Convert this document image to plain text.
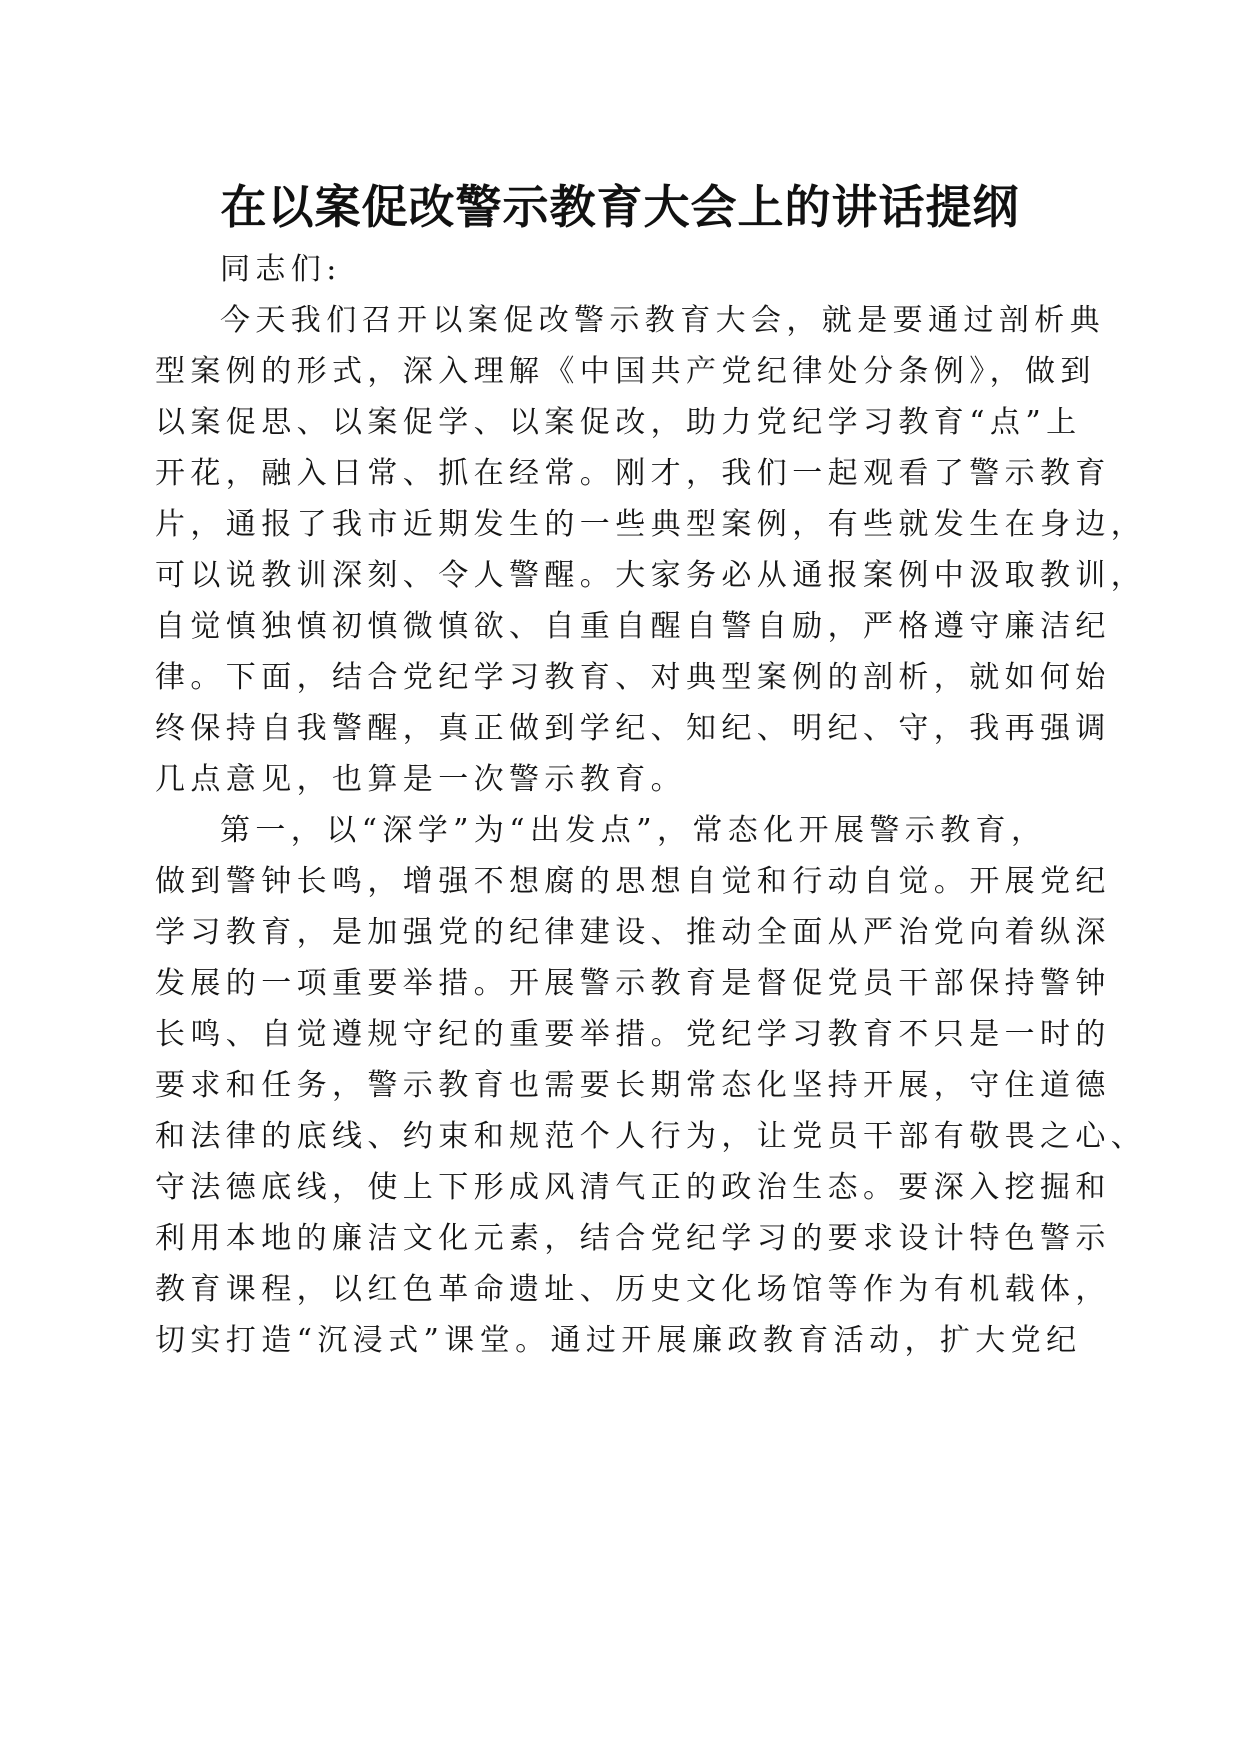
在以案促改警示教育大会上的讲话提纲
同志们:
今天我们召开以案促改警示教育大会，就是要通过剖析典
型案例的形式，深入理解《中国共产党纪律处分条例》，做到
以案促思、以案促学、以案促改，助力党纪学习教育“点”上
开花，融入日常、抓在经常。刚才，我们一起观看了警示教育
片，通报了我市近期发生的一些典型案例，有些就发生在身边，
可以说教训深刻、令人警醒。大家务必从通报案例中汲取教训，
自觉慎独慎初慎微慎欲、自重自醒自警自励，严格遵守廉洁纪
律。下面，结合党纪学习教育、对典型案例的剖析，就如何始
终保持自我警醒，真正做到学纪、知纪、明纪、守，我再强调
几点意见，也算是一次警示教育。
第一，以“深学”为“出发点”，常态化开展警示教育，
做到警钟长鸣，增强不想腐的思想自觉和行动自觉。开展党纪
学习教育，是加强党的纪律建设、推动全面从严治党向着纵深
发展的一项重要举措。开展警示教育是督促党员干部保持警钟
长鸣、自觉遵规守纪的重要举措。党纪学习教育不只是一时的
要求和任务，警示教育也需要长期常态化坚持开展，守住道德
和法律的底线、约束和规范个人行为，让党员干部有敬畏之心、
守法德底线，使上下形成风清气正的政治生态。要深入挖掘和
利用本地的廉洁文化元素，结合党纪学习的要求设计特色警示
教育课程，以红色革命遗址、历史文化场馆等作为有机载体，
切实打造“沉浸式”课堂。通过开展廉政教育活动，扩大党纪
